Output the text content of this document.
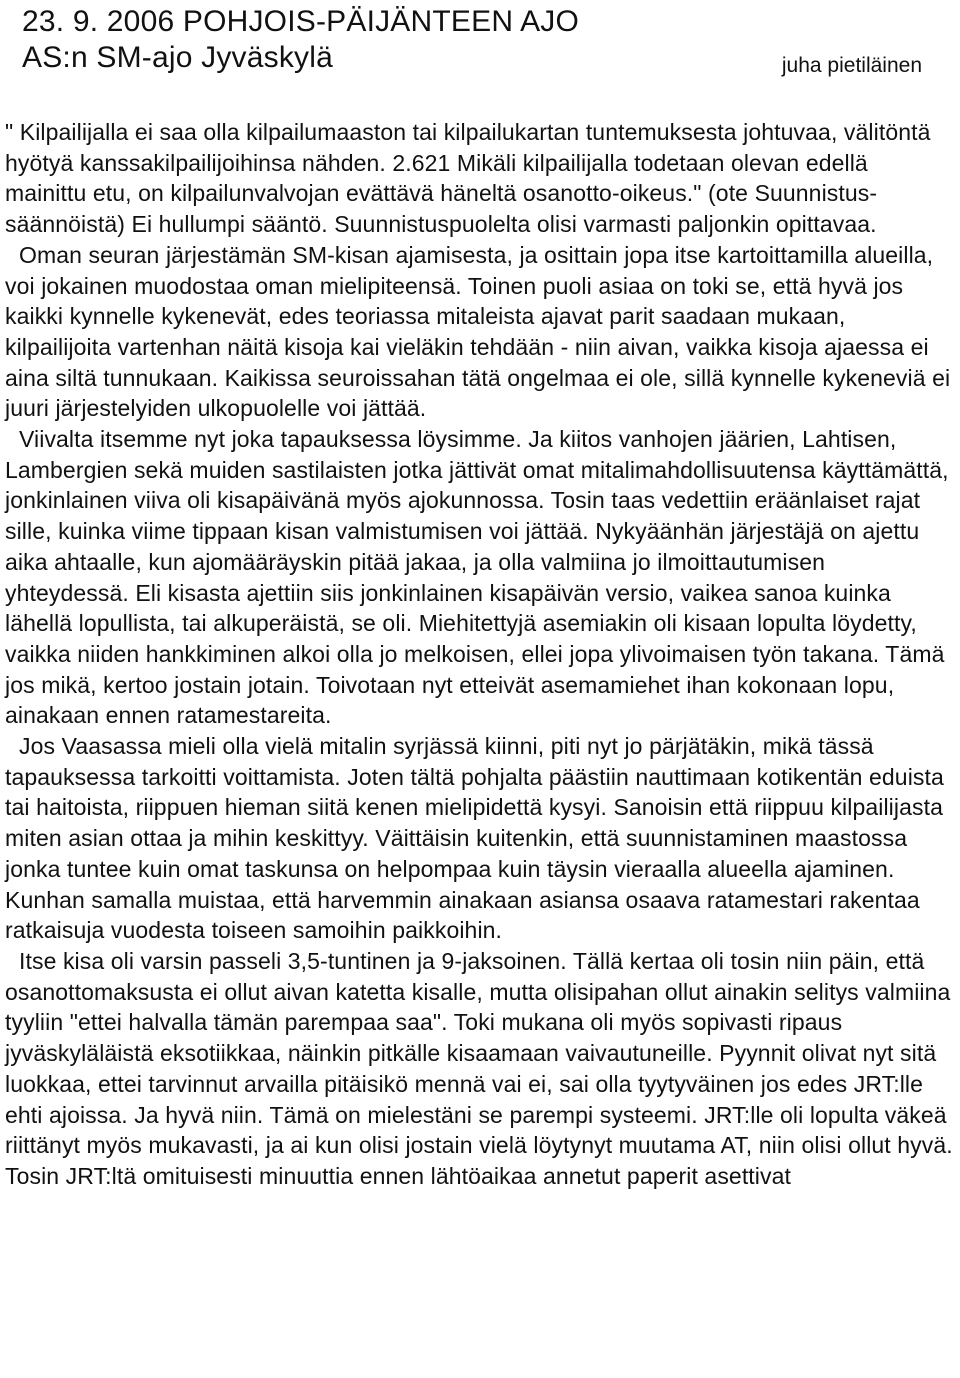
23. 9. 2006 POHJOIS-PÄIJÄNTEEN AJO
AS:n SM-ajo Jyväskylä	juha pietiläinen

" Kilpailijalla ei saa olla kilpailumaaston tai kilpailukartan tuntemuksesta johtuvaa, välitöntä hyötyä kanssakilpailijoihinsa nähden. 2.621 Mikäli kilpailijalla todetaan olevan edellä mainittu etu, on kilpailunvalvojan evättävä häneltä osanotto-oikeus." (ote Suunnistus-säännöistä) Ei hullumpi sääntö. Suunnistuspuolelta olisi varmasti paljonkin opittavaa.

Oman seuran järjestämän SM-kisan ajamisesta, ja osittain jopa itse kartoittamilla alueilla, voi jokainen muodostaa oman mielipiteensä. Toinen puoli asiaa on toki se, että hyvä jos kaikki kynnelle kykenevät, edes teoriassa mitaleista ajavat parit saadaan mukaan, kilpailijoita vartenhan näitä kisoja kai vieläkin tehdään - niin aivan, vaikka kisoja ajaessa ei aina siltä tunnukaan. Kaikissa seuroissahan tätä ongelmaa ei ole, sillä kynnelle kykeneviä ei juuri järjestelyiden ulkopuolelle voi jättää.

Viivalta itsemme nyt joka tapauksessa löysimme. Ja kiitos vanhojen jäärien, Lahtisen, Lambergien sekä muiden sastilaisten jotka jättivät omat mitalimahdollisuutensa käyttämättä, jonkinlainen viiva oli kisapäivänä myös ajokunnossa. Tosin taas vedettiin eräänlaiset rajat sille, kuinka viime tippaan kisan valmistumisen voi jättää. Nykyäänhän järjestäjä on ajettu aika ahtaalle, kun ajomääräyskin pitää jakaa, ja olla valmiina jo ilmoittautumisen yhteydessä. Eli kisasta ajettiin siis jonkinlainen kisapäivän versio, vaikea sanoa kuinka lähellä lopullista, tai alkuperäistä, se oli. Miehitettyjä asemiakin oli kisaan lopulta löydetty, vaikka niiden hankkiminen alkoi olla jo melkoisen, ellei jopa ylivoimaisen työn takana. Tämä jos mikä, kertoo jostain jotain. Toivotaan nyt etteivät asemamiehet ihan kokonaan lopu, ainakaan ennen ratamestareita.

Jos Vaasassa mieli olla vielä mitalin syrjässä kiinni, piti nyt jo pärjätäkin, mikä tässä tapauksessa tarkoitti voittamista. Joten tältä pohjalta päästiin nauttimaan kotikentän eduista tai haitoista, riippuen hieman siitä kenen mielipidettä kysyi. Sanoisin että riippuu kilpailijasta miten asian ottaa ja mihin keskittyy. Väittäisin kuitenkin, että suunnistaminen maastossa jonka tuntee kuin omat taskunsa on helpompaa kuin täysin vieraalla alueella ajaminen. Kunhan samalla muistaa, että harvemmin ainakaan asiansa osaava ratamestari rakentaa ratkaisuja vuodesta toiseen samoihin paikkoihin.

Itse kisa oli varsin passeli 3,5-tuntinen ja 9-jaksoinen. Tällä kertaa oli tosin niin päin, että osanottomaksusta ei ollut aivan katetta kisalle, mutta olisipahan ollut ainakin selitys valmiina tyyliin "ettei halvalla tämän parempaa saa". Toki mukana oli myös sopivasti ripaus jyväskyläläistä eksotiikkaa, näinkin pitkälle kisaamaan vaivautuneille. Pyynnit olivat nyt sitä luokkaa, ettei tarvinnut arvailla pitäisikö mennä vai ei, sai olla tyytyväinen jos edes JRT:lle ehti ajoissa. Ja hyvä niin. Tämä on mielestäni se parempi systeemi. JRT:lle oli lopulta väkeä riittänyt myös mukavasti, ja ai kun olisi jostain vielä löytynyt muutama AT, niin olisi ollut hyvä. Tosin JRT:ltä omituisesti minuuttia ennen lähtöaikaa annetut paperit asettivat
